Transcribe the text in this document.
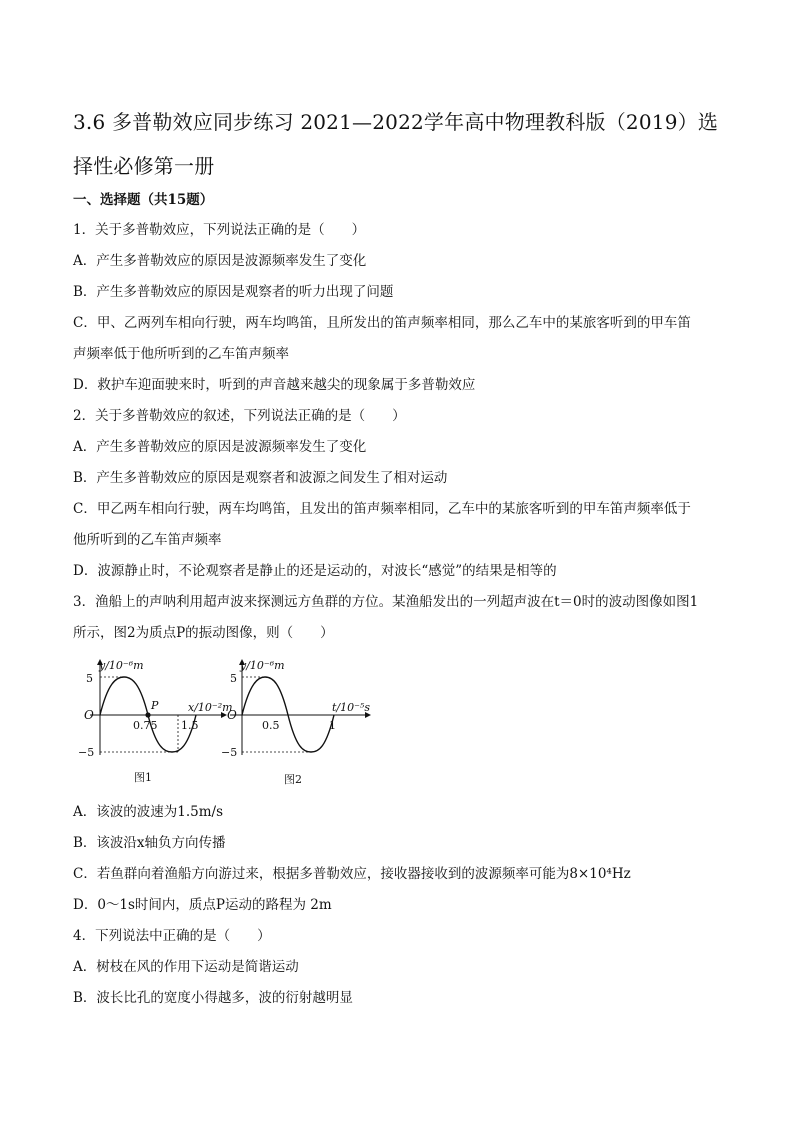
3.6 多普勒效应同步练习 2021—2022学年高中物理教科版（2019）选择性必修第一册
一、选择题（共15题）
1．关于多普勒效应，下列说法正确的是（　　）
A．产生多普勒效应的原因是波源频率发生了变化
B．产生多普勒效应的原因是观察者的听力出现了问题
C．甲、乙两列车相向行驶，两车均鸣笛，且所发出的笛声频率相同，那么乙车中的某旅客听到的甲车笛
声频率低于他所听到的乙车笛声频率
D．救护车迎面驶来时，听到的声音越来越尖的现象属于多普勒效应
2．关于多普勒效应的叙述，下列说法正确的是（　　）
A．产生多普勒效应的原因是波源频率发生了变化
B．产生多普勒效应的原因是观察者和波源之间发生了相对运动
C．甲乙两车相向行驶，两车均鸣笛，且发出的笛声频率相同，乙车中的某旅客听到的甲车笛声频率低于
他所听到的乙车笛声频率
D．波源静止时，不论观察者是静止的还是运动的，对波长“感觉”的结果是相等的
3．渔船上的声呐利用超声波来探测远方鱼群的方位。某渔船发出的一列超声波在t＝0时的波动图像如图1
所示，图2为质点P的振动图像，则（　　）
y/10⁻⁶m
x/10⁻²m
O
5
−5
0.75 1.5
P
图1
y/10⁻⁶m
t/10⁻⁵s
O
5
−5
0.5	1
图2
A．该波的波速为1.5m/s
B．该波沿x轴负方向传播
C．若鱼群向着渔船方向游过来，根据多普勒效应，接收器接收到的波源频率可能为8×10⁴Hz
D．0～1s时间内，质点P运动的路程为 2m
4．下列说法中正确的是（　　）
A．树枝在风的作用下运动是简谐运动
B．波长比孔的宽度小得越多，波的衍射越明显
